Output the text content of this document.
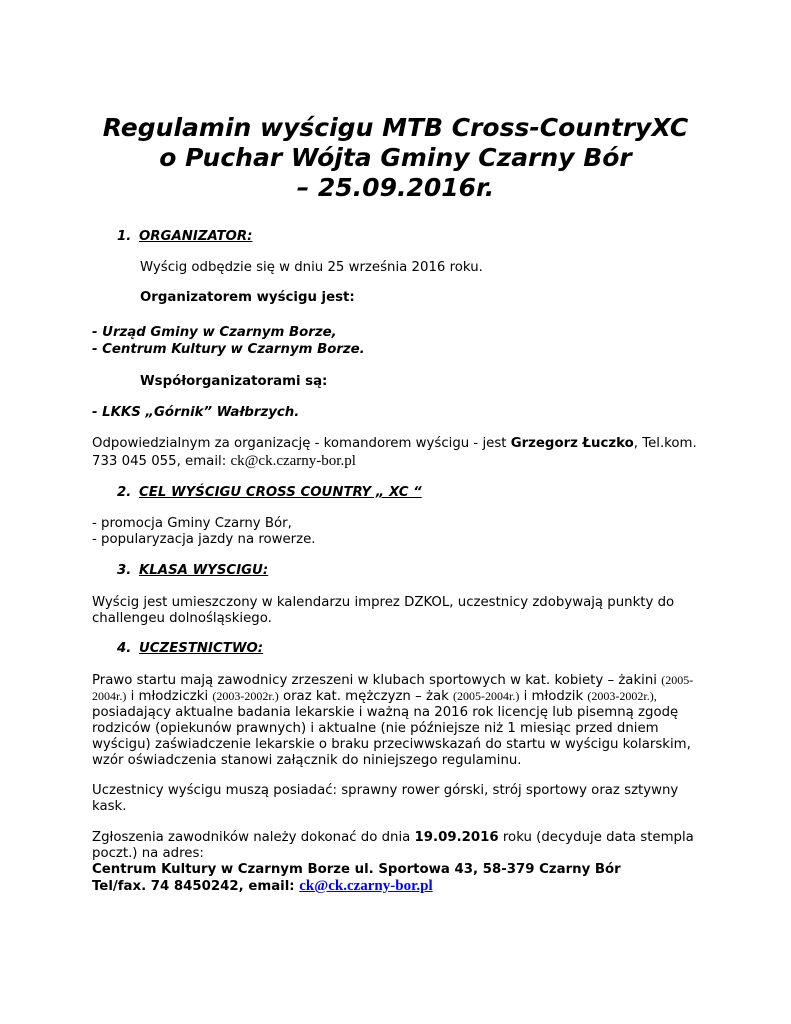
Regulamin wyścigu MTB Cross-CountryXC
o Puchar Wójta Gminy Czarny Bór
– 25.09.2016r.
1. ORGANIZATOR:
Wyścig odbędzie się w dniu 25 września 2016 roku.
Organizatorem wyścigu jest:
- Urząd Gminy w Czarnym Borze,
- Centrum Kultury w Czarnym Borze.
Współorganizatorami są:
- LKKS „Górnik” Wałbrzych.
Odpowiedzialnym za organizację - komandorem wyścigu - jest Grzegorz Łuczko, Tel.kom.
733 045 055, email: ck@ck.czarny-bor.pl
2. CEL WYŚCIGU CROSS COUNTRY „ XC “
- promocja Gminy Czarny Bór,
- popularyzacja jazdy na rowerze.
3. KLASA WYSCIGU:
Wyścig jest umieszczony w kalendarzu imprez DZKOL, uczestnicy zdobywają punkty do
challengeu dolnośląskiego.
4. UCZESTNICTWO:
Prawo startu mają zawodnicy zrzeszeni w klubach sportowych w kat. kobiety – żakini (2005-
2004r.) i młodziczki (2003-2002r.) oraz kat. mężczyzn – żak (2005-2004r.) i młodzik (2003-2002r.),
posiadający aktualne badania lekarskie i ważną na 2016 rok licencję lub pisemną zgodę
rodziców (opiekunów prawnych) i aktualne (nie późniejsze niż 1 miesiąc przed dniem
wyścigu) zaświadczenie lekarskie o braku przeciwwskazań do startu w wyścigu kolarskim,
wzór oświadczenia stanowi załącznik do niniejszego regulaminu.
Uczestnicy wyścigu muszą posiadać: sprawny rower górski, strój sportowy oraz sztywny
kask.
Zgłoszenia zawodników należy dokonać do dnia 19.09.2016 roku (decyduje data stempla
poczt.) na adres:
Centrum Kultury w Czarnym Borze ul. Sportowa 43, 58-379 Czarny Bór
Tel/fax. 74 8450242, email: ck@ck.czarny-bor.pl
